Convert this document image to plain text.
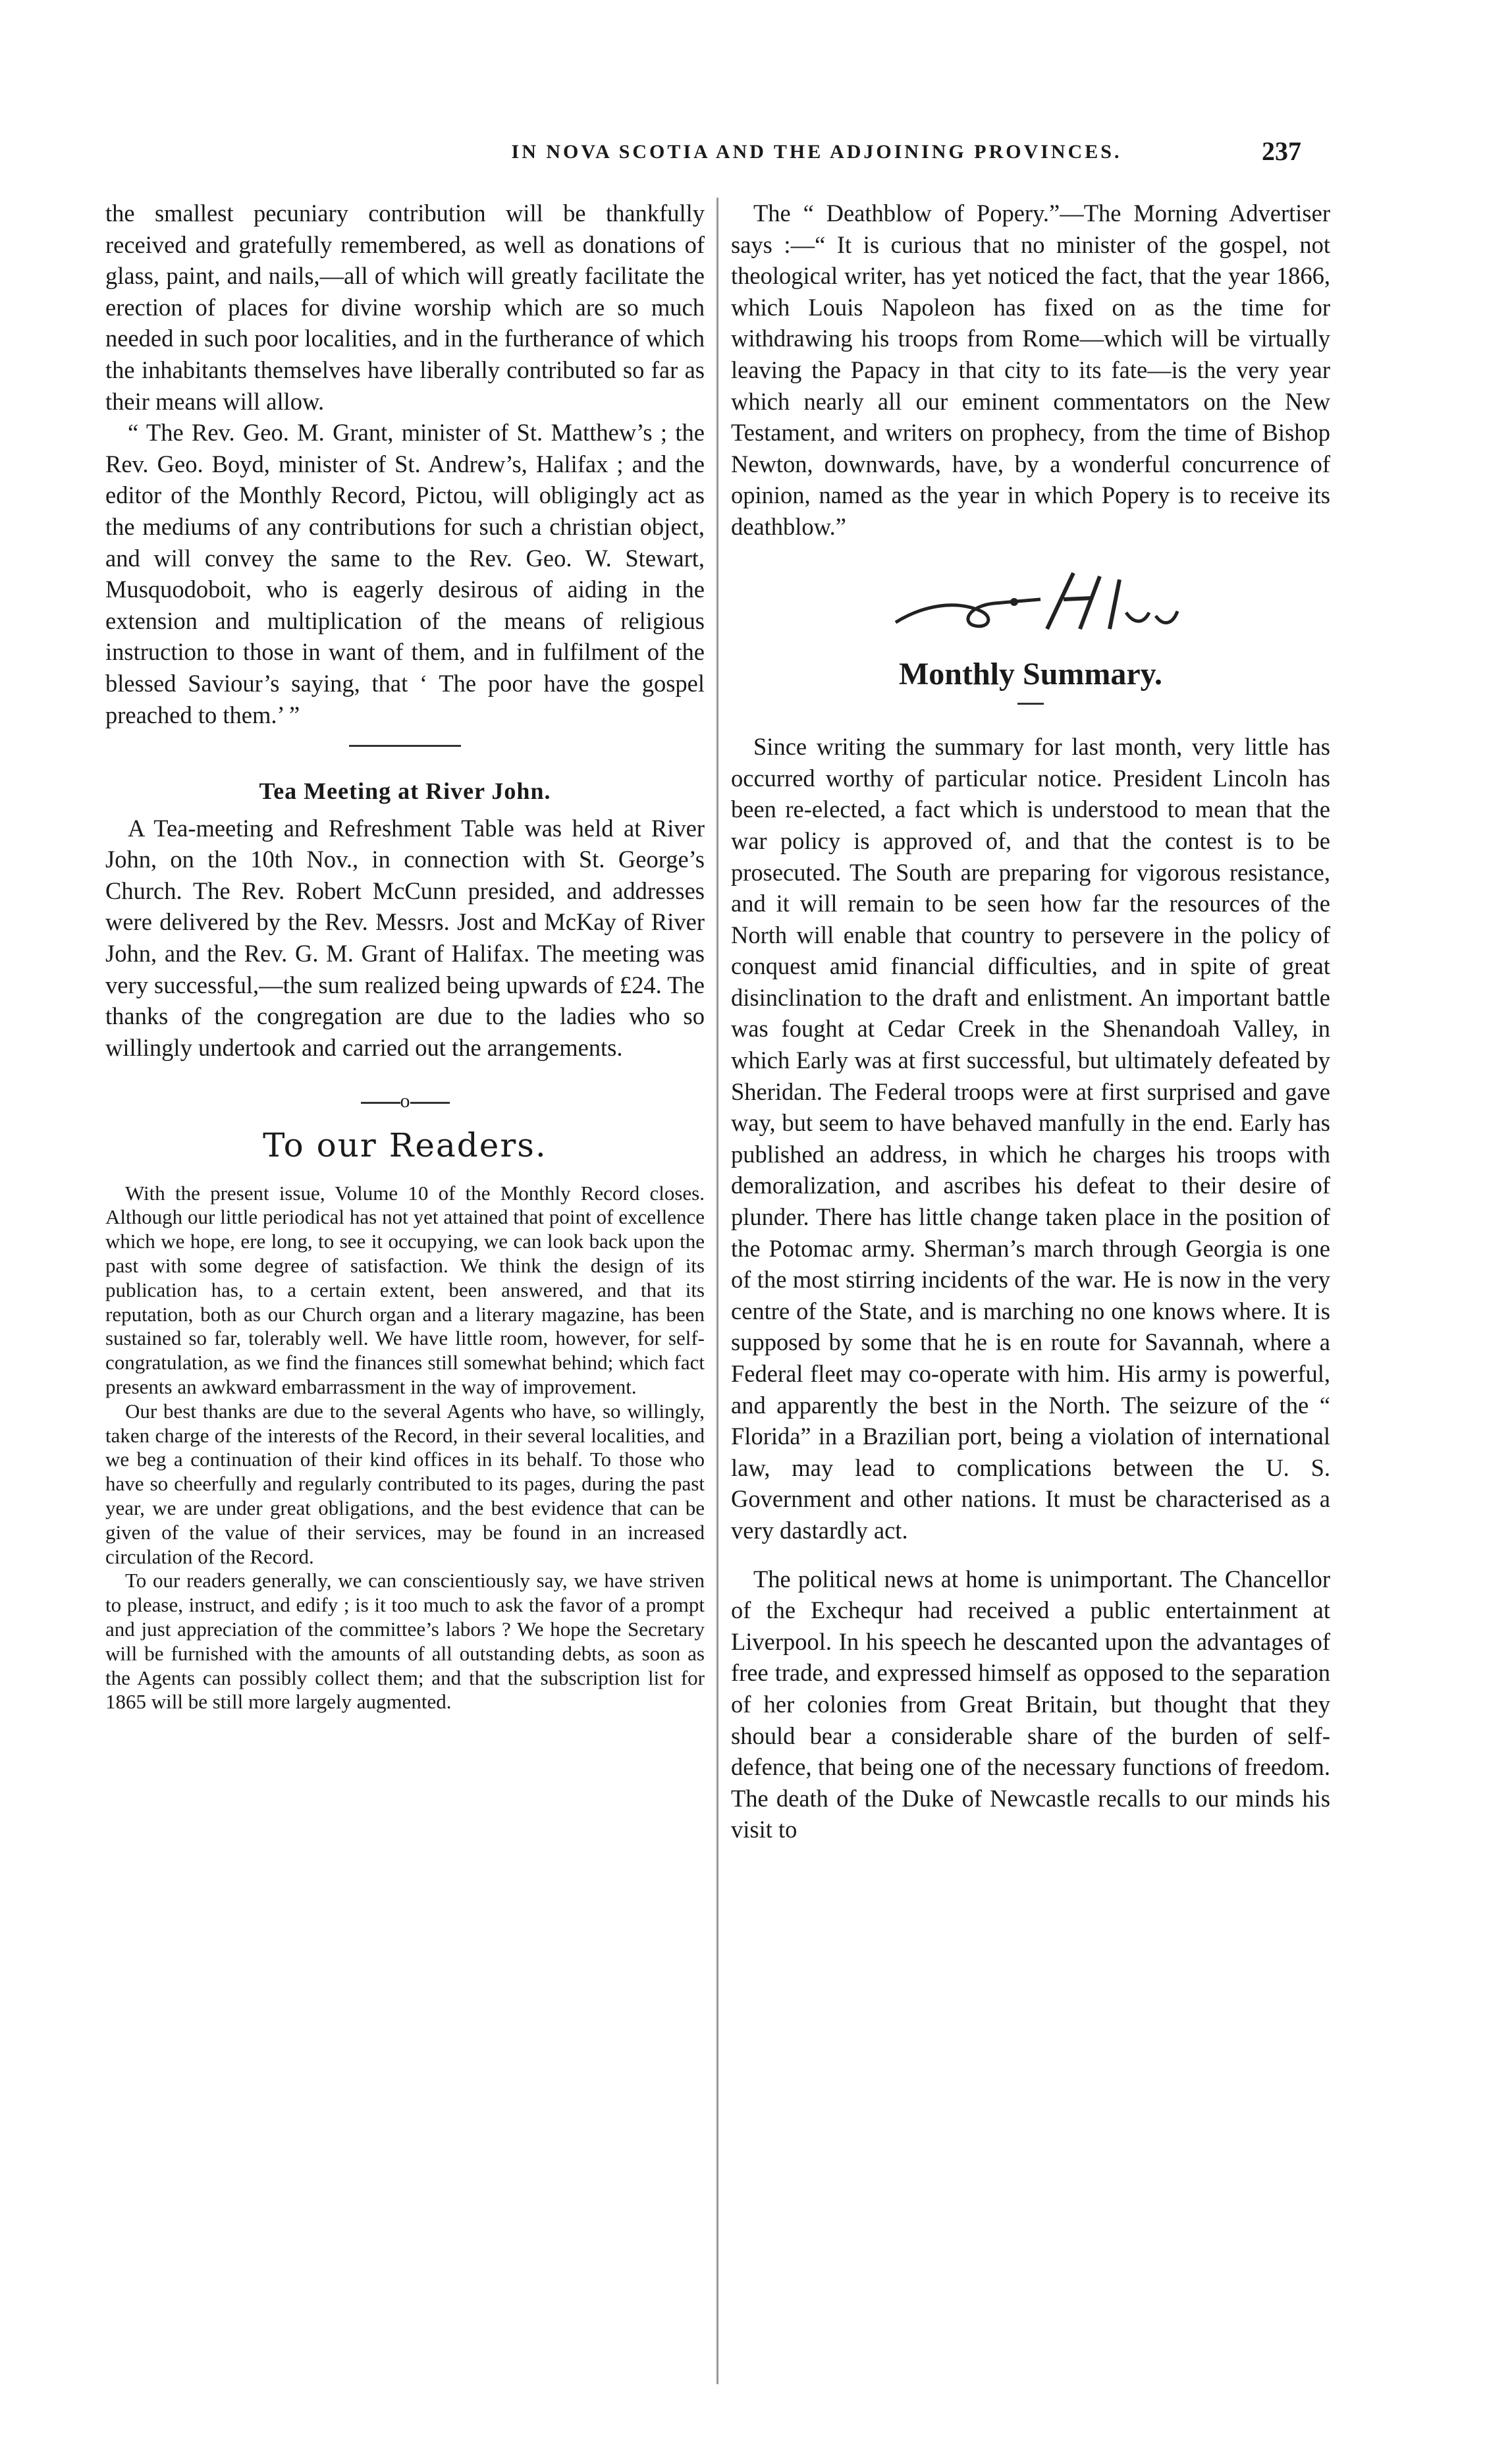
IN NOVA SCOTIA AND THE ADJOINING PROVINCES.	237

the smallest pecuniary contribution will be thankfully received and gratefully remembered, as well as donations of glass, paint, and nails,—all of which will greatly facilitate the erection of places for divine worship which are so much needed in such poor localities, and in the furtherance of which the inhabitants themselves have liberally contributed so far as their means will allow.

“ The Rev. Geo. M. Grant, minister of St. Matthew’s ; the Rev. Geo. Boyd, minister of St. Andrew’s, Halifax ; and the editor of the Monthly Record, Pictou, will obligingly act as the mediums of any contributions for such a christian object, and will convey the same to the Rev. Geo. W. Stewart, Musquodoboit, who is eagerly desirous of aiding in the extension and multiplication of the means of religious instruction to those in want of them, and in fulfilment of the blessed Saviour’s saying, that ‘ The poor have the gospel preached to them.’ ”

Tea Meeting at River John.

A Tea-meeting and Refreshment Table was held at River John, on the 10th Nov., in connection with St. George’s Church. The Rev. Robert McCunn presided, and addresses were delivered by the Rev. Messrs. Jost and McKay of River John, and the Rev. G. M. Grant of Halifax. The meeting was very successful,—the sum realized being upwards of £24. The thanks of the congregation are due to the ladies who so willingly undertook and carried out the arrangements.

o
To our Readers.

With the present issue, Volume 10 of the Monthly Record closes. Although our little periodical has not yet attained that point of excellence which we hope, ere long, to see it occupying, we can look back upon the past with some degree of satisfaction. We think the design of its publication has, to a certain extent, been answered, and that its reputation, both as our Church organ and a literary magazine, has been sustained so far, tolerably well. We have little room, however, for self-congratulation, as we find the finances still somewhat behind; which fact presents an awkward embarrassment in the way of improvement.

Our best thanks are due to the several Agents who have, so willingly, taken charge of the interests of the Record, in their several localities, and we beg a continuation of their kind offices in its behalf. To those who have so cheerfully and regularly contributed to its pages, during the past year, we are under great obligations, and the best evidence that can be given of the value of their services, may be found in an increased circulation of the Record.

To our readers generally, we can conscientiously say, we have striven to please, instruct, and edify ; is it too much to ask the favor of a prompt and just appreciation of the committee’s labors ? We hope the Secretary will be furnished with the amounts of all outstanding debts, as soon as the Agents can possibly collect them; and that the subscription list for 1865 will be still more largely augmented.

The “ Deathblow of Popery.”—The Morning Advertiser says :—“ It is curious that no minister of the gospel, not theological writer, has yet noticed the fact, that the year 1866, which Louis Napoleon has fixed on as the time for withdrawing his troops from Rome—which will be virtually leaving the Papacy in that city to its fate—is the very year which nearly all our eminent commentators on the New Testament, and writers on prophecy, from the time of Bishop Newton, downwards, have, by a wonderful concurrence of opinion, named as the year in which Popery is to receive its deathblow.”

Monthly Summary.

Since writing the summary for last month, very little has occurred worthy of particular notice. President Lincoln has been re-elected, a fact which is understood to mean that the war policy is approved of, and that the contest is to be prosecuted. The South are preparing for vigorous resistance, and it will remain to be seen how far the resources of the North will enable that country to persevere in the policy of conquest amid financial difficulties, and in spite of great disinclination to the draft and enlistment. An important battle was fought at Cedar Creek in the Shenandoah Valley, in which Early was at first successful, but ultimately defeated by Sheridan. The Federal troops were at first surprised and gave way, but seem to have behaved manfully in the end. Early has published an address, in which he charges his troops with demoralization, and ascribes his defeat to their desire of plunder. There has little change taken place in the position of the Potomac army. Sherman’s march through Georgia is one of the most stirring incidents of the war. He is now in the very centre of the State, and is marching no one knows where. It is supposed by some that he is en route for Savannah, where a Federal fleet may co-operate with him. His army is powerful, and apparently the best in the North. The seizure of the “ Florida” in a Brazilian port, being a violation of international law, may lead to complications between the U. S. Government and other nations. It must be characterised as a very dastardly act.

The political news at home is unimportant. The Chancellor of the Exchequr had received a public entertainment at Liverpool. In his speech he descanted upon the advantages of free trade, and expressed himself as opposed to the separation of her colonies from Great Britain, but thought that they should bear a considerable share of the burden of self-defence, that being one of the necessary functions of freedom. The death of the Duke of Newcastle recalls to our minds his visit to
